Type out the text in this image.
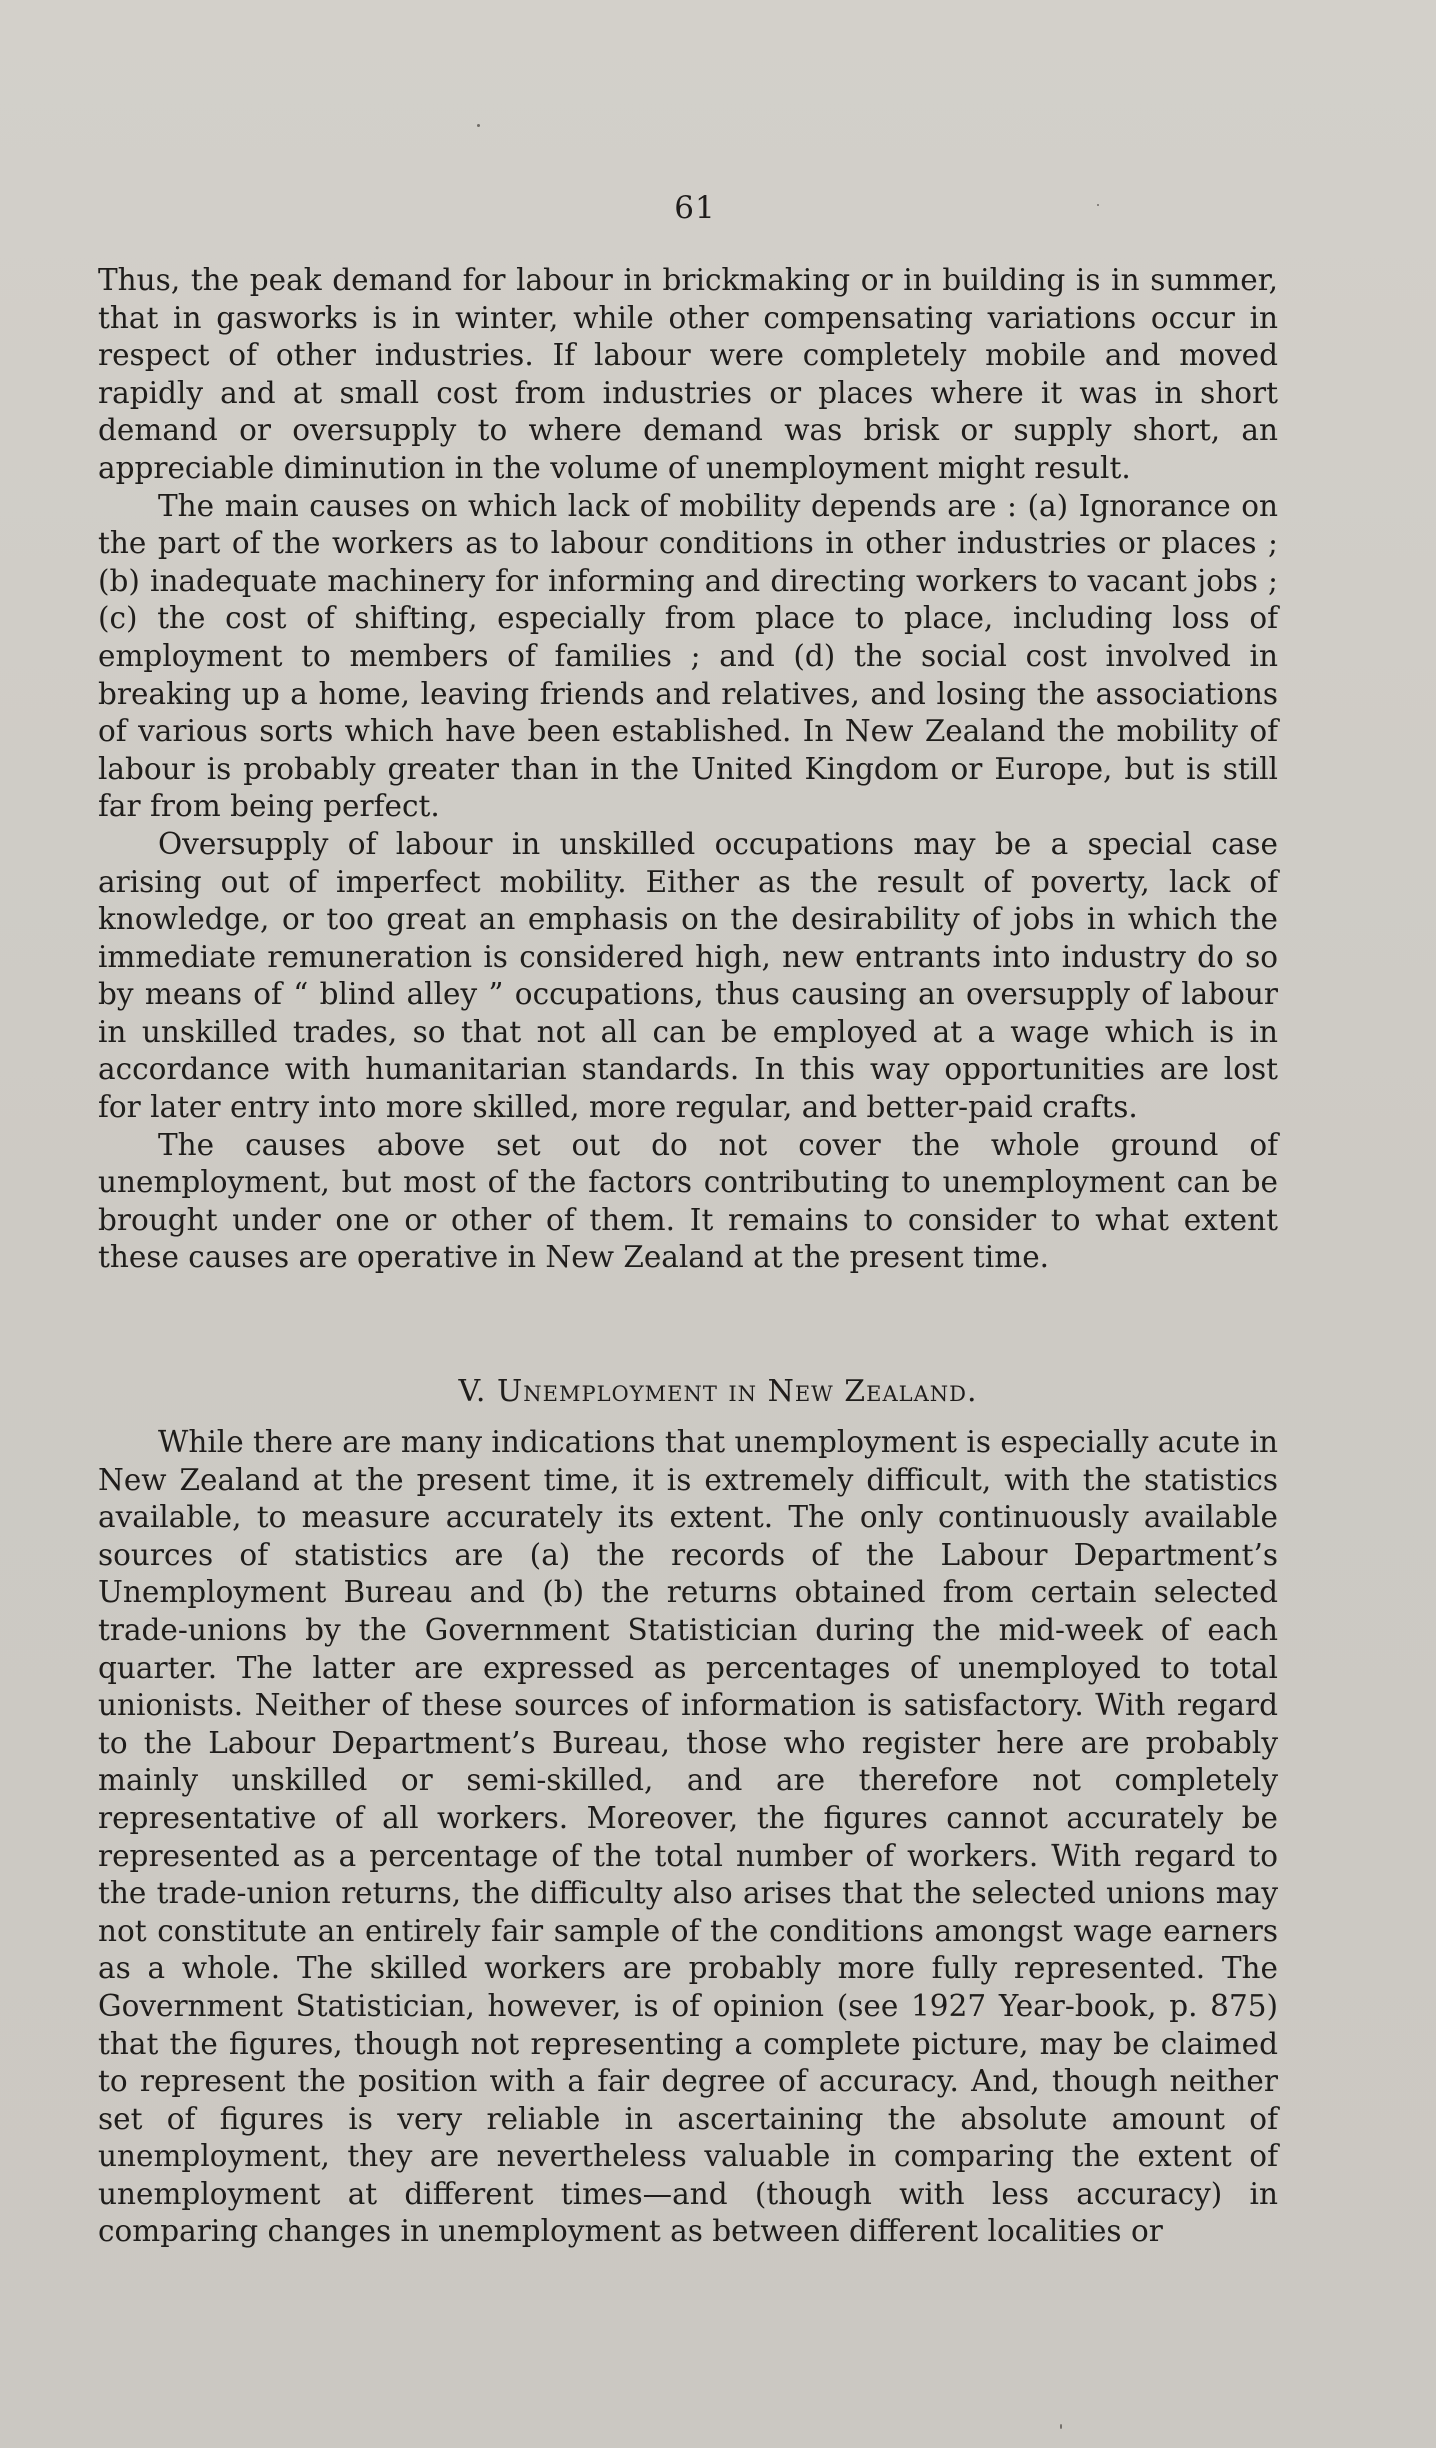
61

Thus, the peak demand for labour in brickmaking or in building is in summer, that in gasworks is in winter, while other compensating variations occur in respect of other industries. If labour were completely mobile and moved rapidly and at small cost from industries or places where it was in short demand or oversupply to where demand was brisk or supply short, an appreciable diminution in the volume of unemployment might result.

The main causes on which lack of mobility depends are : (a) Ignorance on the part of the workers as to labour conditions in other industries or places ; (b) inadequate machinery for informing and directing workers to vacant jobs ; (c) the cost of shifting, especially from place to place, including loss of employment to members of families ; and (d) the social cost involved in breaking up a home, leaving friends and relatives, and losing the associations of various sorts which have been established. In New Zealand the mobility of labour is probably greater than in the United Kingdom or Europe, but is still far from being perfect.

Oversupply of labour in unskilled occupations may be a special case arising out of imperfect mobility. Either as the result of poverty, lack of knowledge, or too great an emphasis on the desirability of jobs in which the immediate remuneration is considered high, new entrants into industry do so by means of “ blind alley ” occupations, thus causing an oversupply of labour in unskilled trades, so that not all can be employed at a wage which is in accordance with humanitarian standards. In this way opportunities are lost for later entry into more skilled, more regular, and better-paid crafts.

The causes above set out do not cover the whole ground of unemployment, but most of the factors contributing to unemployment can be brought under one or other of them. It remains to consider to what extent these causes are operative in New Zealand at the present time.

V. Unemployment in New Zealand.

While there are many indications that unemployment is especially acute in New Zealand at the present time, it is extremely difficult, with the statistics available, to measure accurately its extent. The only continuously available sources of statistics are (a) the records of the Labour Department’s Unemployment Bureau and (b) the returns obtained from certain selected trade-unions by the Government Statistician during the mid-week of each quarter. The latter are expressed as percentages of unemployed to total unionists. Neither of these sources of information is satisfactory. With regard to the Labour Department’s Bureau, those who register here are probably mainly unskilled or semi-skilled, and are therefore not completely representative of all workers. Moreover, the figures cannot accurately be represented as a percentage of the total number of workers. With regard to the trade-union returns, the difficulty also arises that the selected unions may not constitute an entirely fair sample of the conditions amongst wage earners as a whole. The skilled workers are probably more fully represented. The Government Statistician, however, is of opinion (see 1927 Year-book, p. 875) that the figures, though not representing a complete picture, may be claimed to represent the position with a fair degree of accuracy. And, though neither set of figures is very reliable in ascertaining the absolute amount of unemployment, they are nevertheless valuable in comparing the extent of unemployment at different times—and (though with less accuracy) in comparing changes in unemployment as between different localities or
